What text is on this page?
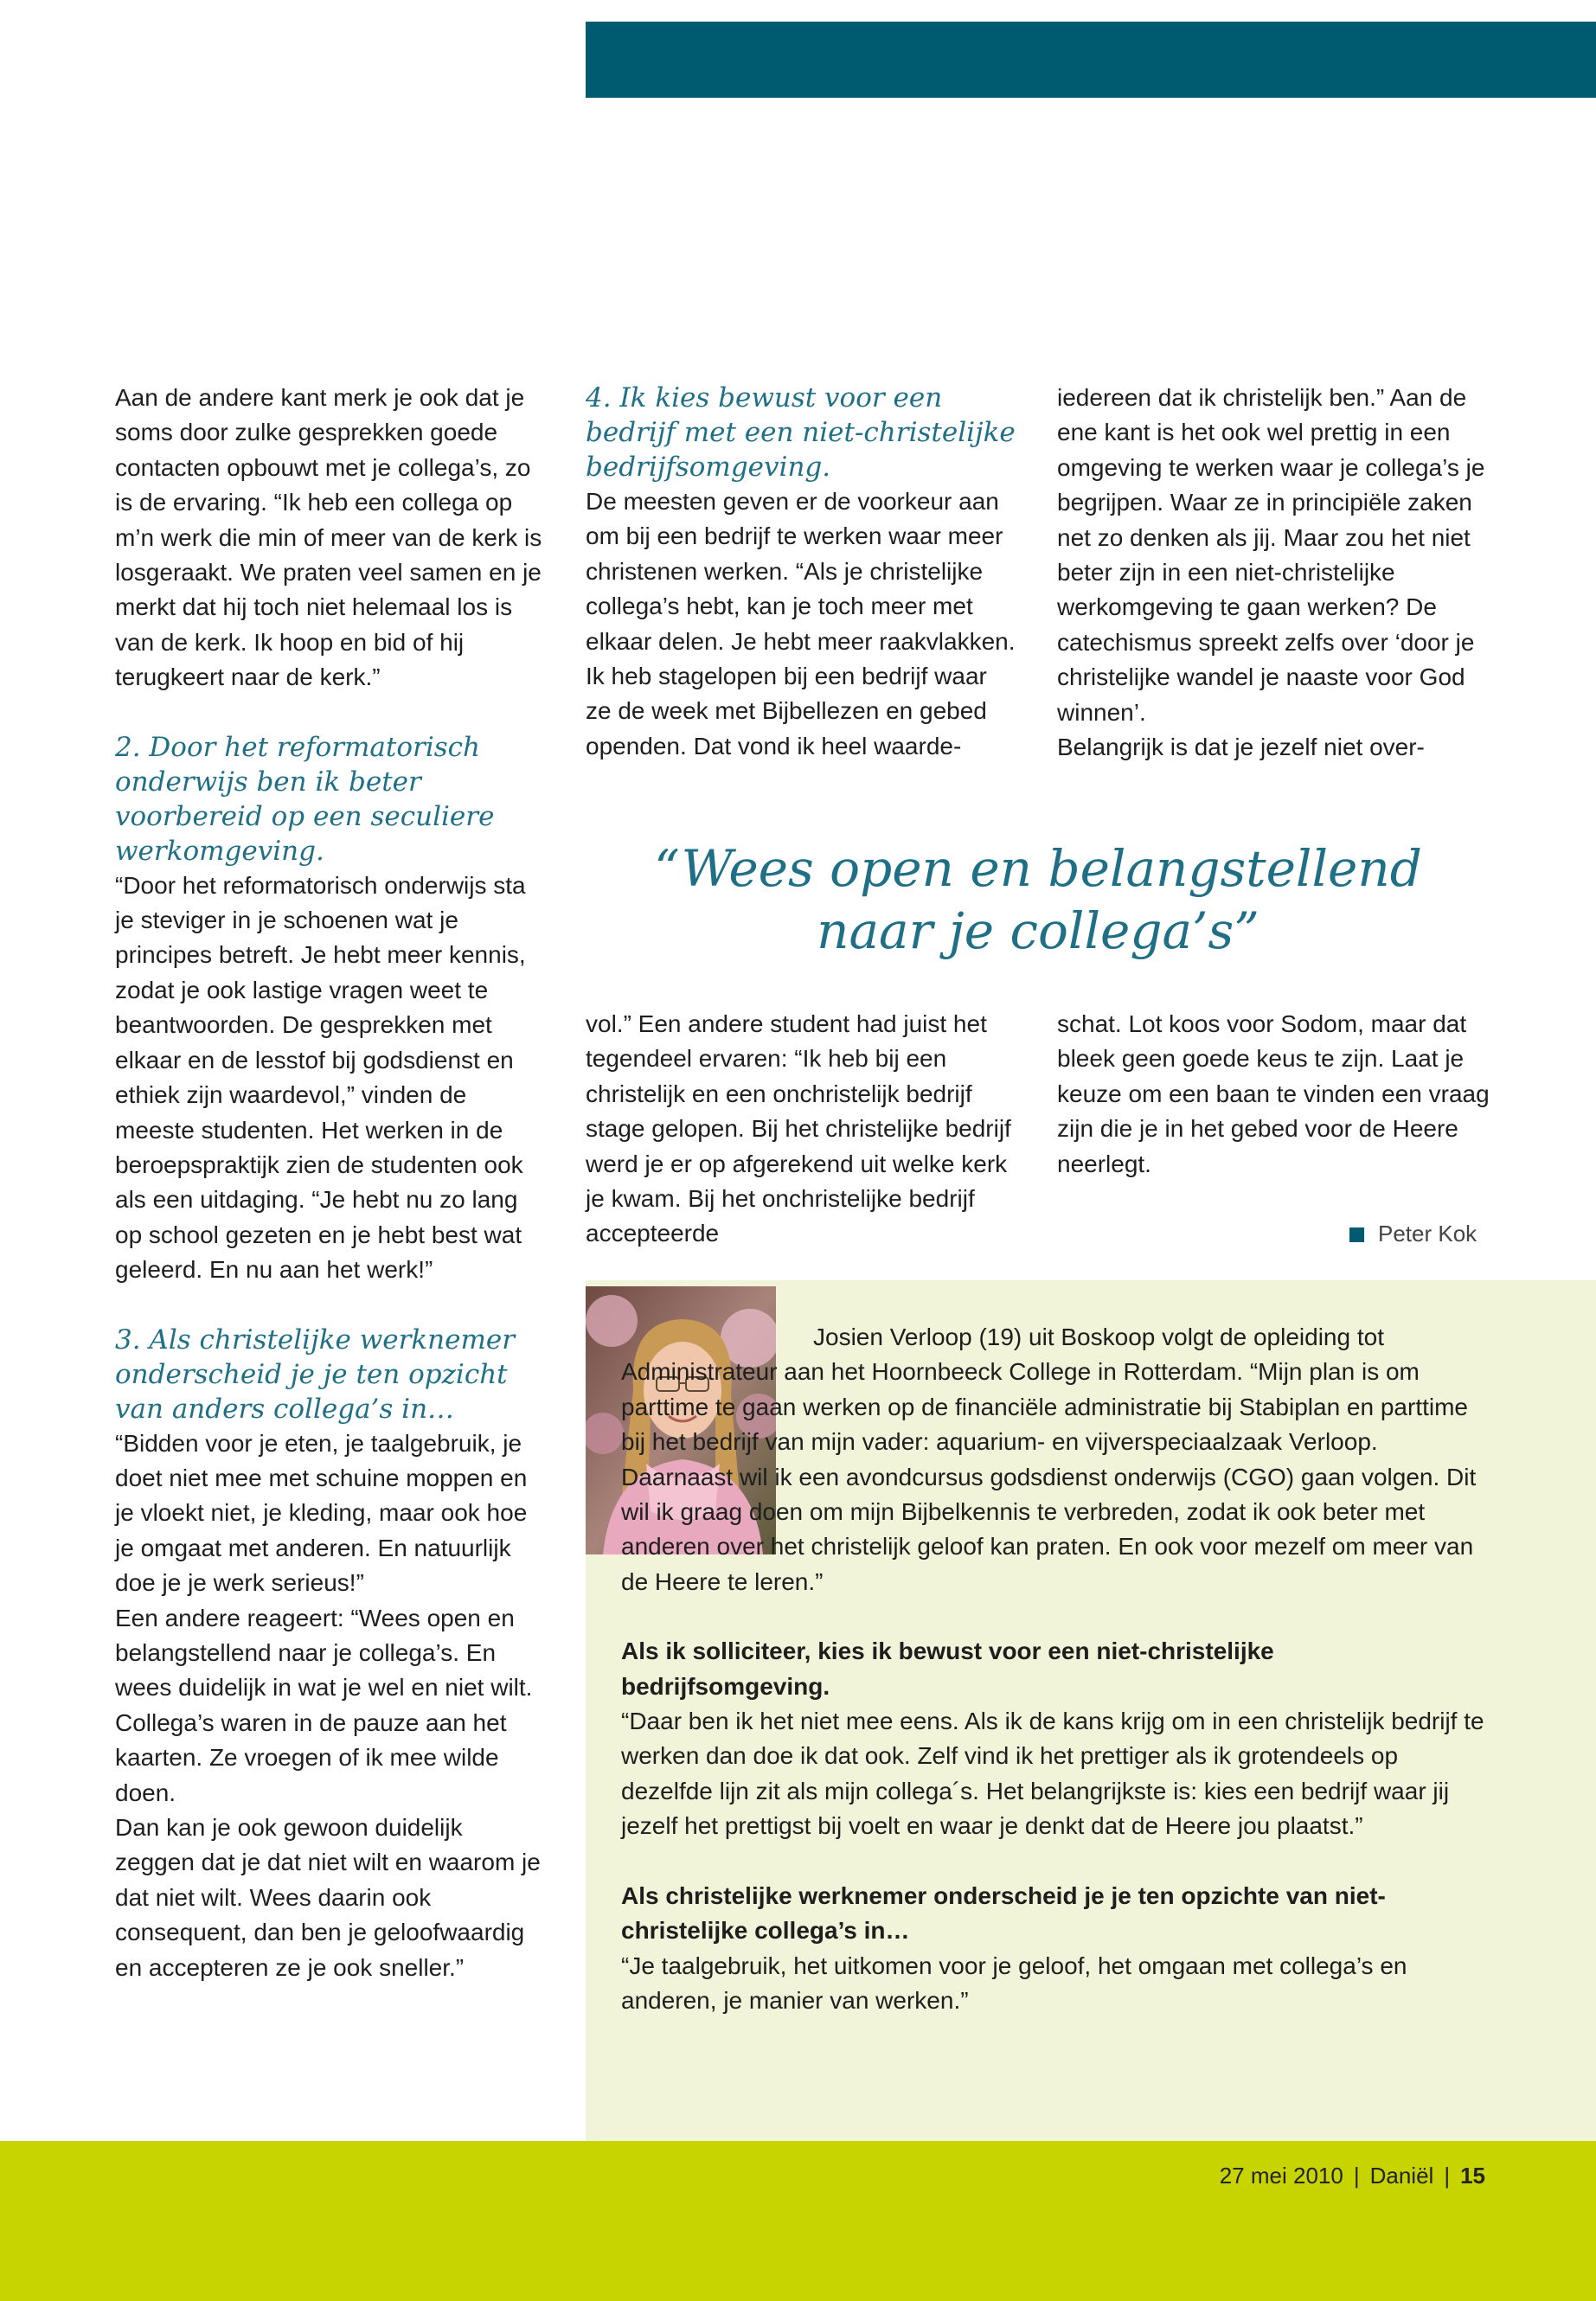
Aan de andere kant merk je ook dat je soms door zulke gesprekken goede contacten opbouwt met je collega’s, zo is de ervaring. “Ik heb een collega op m’n werk die min of meer van de kerk is losgeraakt. We praten veel samen en je merkt dat hij toch niet helemaal los is van de kerk. Ik hoop en bid of hij terugkeert naar de kerk.”

2. Door het reformatorisch onderwijs ben ik beter voorbereid op een seculiere werkomgeving.

“Door het reformatorisch onderwijs sta je steviger in je schoenen wat je principes betreft. Je hebt meer kennis, zodat je ook lastige vragen weet te beantwoorden. De gesprekken met elkaar en de lesstof bij godsdienst en ethiek zijn waardevol,” vinden de meeste studenten. Het werken in de beroepspraktijk zien de studenten ook als een uitdaging. “Je hebt nu zo lang op school gezeten en je hebt best wat geleerd. En nu aan het werk!”

3. Als christelijke werknemer onderscheid je je ten opzicht van anders collega’s in…

“Bidden voor je eten, je taalgebruik, je doet niet mee met schuine moppen en je vloekt niet, je kleding, maar ook hoe je omgaat met anderen. En natuurlijk doe je je werk serieus!”

Een andere reageert: “Wees open en belangstellend naar je collega’s. En wees duidelijk in wat je wel en niet wilt. Collega’s waren in de pauze aan het kaarten. Ze vroegen of ik mee wilde doen.

Dan kan je ook gewoon duidelijk zeggen dat je dat niet wilt en waarom je dat niet wilt. Wees daarin ook consequent, dan ben je geloofwaardig en accepteren ze je ook sneller.”

4. Ik kies bewust voor een bedrijf met een niet-christelijke bedrijfsomgeving.

De meesten geven er de voorkeur aan om bij een bedrijf te werken waar meer christenen werken. “Als je christelijke collega’s hebt, kan je toch meer met elkaar delen. Je hebt meer raakvlakken. Ik heb stagelopen bij een bedrijf waar ze de week met Bijbellezen en gebed openden. Dat vond ik heel waarde-

iedereen dat ik christelijk ben.” Aan de ene kant is het ook wel prettig in een omgeving te werken waar je collega’s je begrijpen. Waar ze in principiële zaken net zo denken als jij. Maar zou het niet beter zijn in een niet-christelijke werkomgeving te gaan werken? De catechismus spreekt zelfs over ‘door je christelijke wandel je naaste voor God winnen’.

Belangrijk is dat je jezelf niet over-

“Wees open en belangstellend
naar je collega’s”

vol.” Een andere student had juist het tegendeel ervaren: “Ik heb bij een christelijk en een onchristelijk bedrijf stage gelopen. Bij het christelijke bedrijf werd je er op afgerekend uit welke kerk je kwam. Bij het onchristelijke bedrijf accepteerde

schat. Lot koos voor Sodom, maar dat bleek geen goede keus te zijn. Laat je keuze om een baan te vinden een vraag zijn die je in het gebed voor de Heere neerlegt.

Peter Kok

Josien Verloop (19) uit Boskoop volgt de opleiding tot Administrateur aan het Hoornbeeck College in Rotterdam. “Mijn plan is om parttime te gaan werken op de financiële administratie bij Stabiplan en parttime bij het bedrijf van mijn vader: aquarium- en vijverspeciaalzaak Verloop. Daarnaast wil ik een avondcursus godsdienst onderwijs (CGO) gaan volgen. Dit wil ik graag doen om mijn Bijbelkennis te verbreden, zodat ik ook beter met anderen over het christelijk geloof kan praten. En ook voor mezelf om meer van de Heere te leren.”

Als ik solliciteer, kies ik bewust voor een niet-christelijke bedrijfsomgeving.

“Daar ben ik het niet mee eens. Als ik de kans krijg om in een christelijk bedrijf te werken dan doe ik dat ook. Zelf vind ik het prettiger als ik grotendeels op dezelfde lijn zit als mijn collega´s. Het belangrijkste is: kies een bedrijf waar jij jezelf het prettigst bij voelt en waar je denkt dat de Heere jou plaatst.”

Als christelijke werknemer onderscheid je je ten opzichte van niet-christelijke collega’s in…

“Je taalgebruik, het uitkomen voor je geloof, het omgaan met collega’s en anderen, je manier van werken.”

27 mei 2010 | Daniël | 15
